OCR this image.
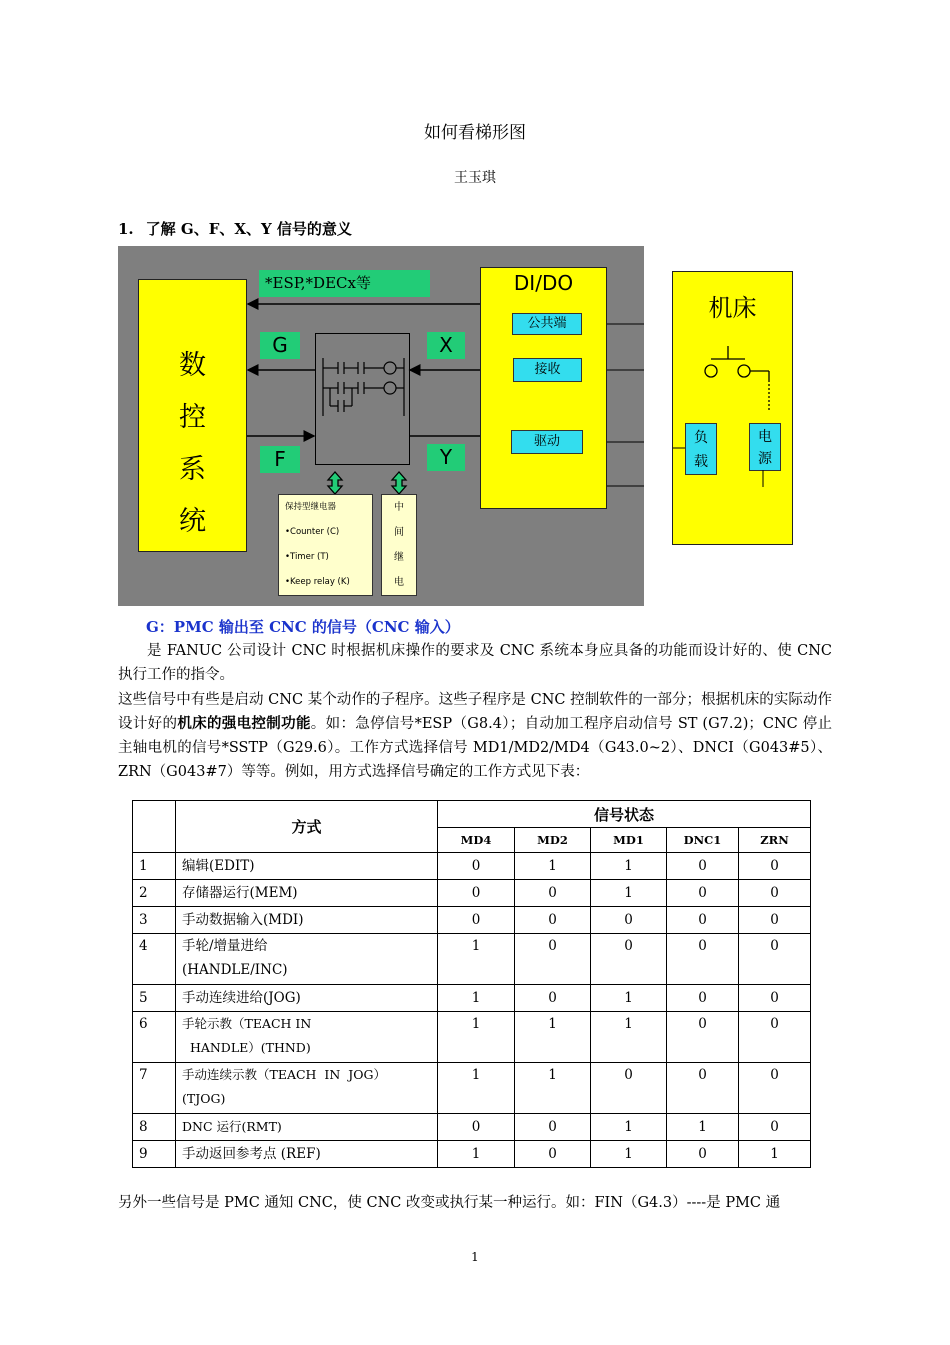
如何看梯形图
王玉琪
1. 了解 G、F、X、Y 信号的意义
数
控
系
统
*ESP,*DECx等
G	X
F	Y
保持型继电器
•Counter (C)
•Timer (T)
•Keep relay (K)
中
间
继
电
DI/DO
公共端
接收
驱动
机床
负
载
电
源
G：PMC 输出至 CNC 的信号（CNC 输入）
是 FANUC 公司设计 CNC 时根据机床操作的要求及 CNC 系统本身应具备的功能而设计好的、使 CNC 执行工作的指令。
这些信号中有些是启动 CNC 某个动作的子程序。这些子程序是 CNC 控制软件的一部分；根据机床的实际动作设计好的机床的强电控制功能。如：急停信号*ESP（G8.4）；自动加工程序启动信号 ST (G7.2)；CNC 停止主轴电机的信号*SSTP（G29.6）。工作方式选择信号 MD1/MD2/MD4（G43.0~2）、DNCI（G043#5）、ZRN（G043#7）等等。例如，用方式选择信号确定的工作方式见下表：
	方式	信号状态				
		MD4	MD2	MD1	DNC1	ZRN
1	编辑(EDIT)	0	1	1	0	0
2	存储器运行(MEM)	0	0	1	0	0
3	手动数据输入(MDI)	0	0	0	0	0
4	手轮/增量进给
(HANDLE/INC)	1	0	0	0	0
5	手动连续进给(JOG)	1	0	1	0	0
6	手轮示教（TEACH IN
HANDLE）(THND)	1	1	1	0	0
7	手动连续示教（TEACH  IN  JOG）
(TJOG)	1	1	0	0	0
8	DNC 运行(RMT)	0	0	1	1	0
9	手动返回参考点 (REF)	1	0	1	0	1
另外一些信号是 PMC 通知 CNC，使 CNC 改变或执行某一种运行。如：FIN（G4.3）----是 PMC 通
1
